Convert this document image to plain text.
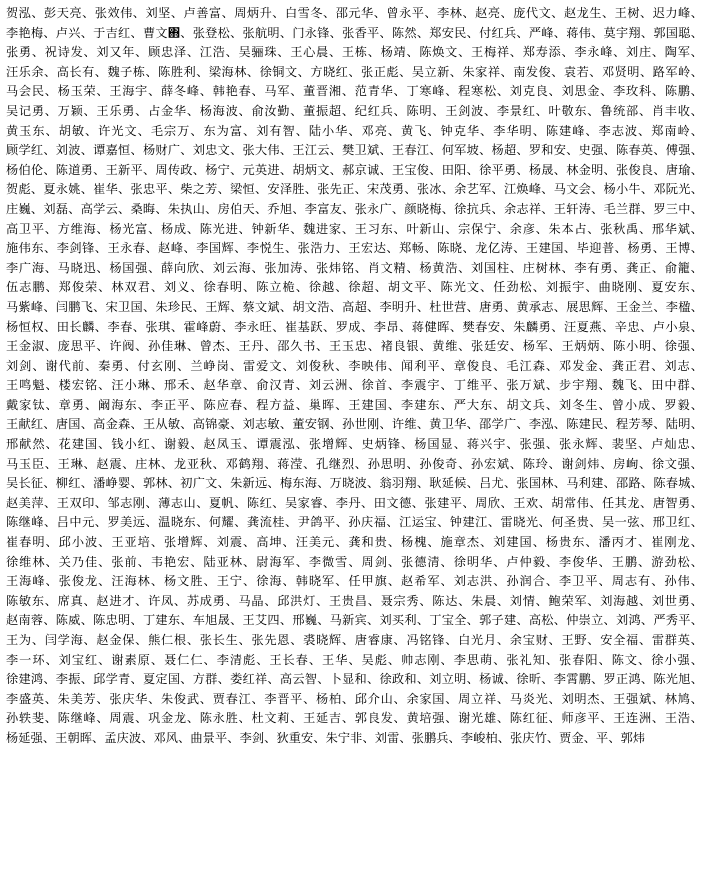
贺泓、彭天亮、张效伟、刘坚、卢善富、周炳升、白雪冬、邵元华、曾永平、李林、赵亮、庞代文、赵龙生、王树、迟力峰、李艳梅、卢兴、于吉红、曹文΋、张登松、张航明、门永锋、张香平、陈然、郑安民、付红兵、严峰、蒋伟、莫宇翔、郭国聪、张勇、祝诗发、刘又年、顾忠泽、江浩、吴骊珠、王心晨、王栋、杨靖、陈焕文、王梅祥、郑寿添、李永峰、刘庄、陶军、汪乐余、高长有、魏子栋、陈胜利、梁海林、徐铜文、方晓红、张正彪、吴立新、朱家祥、南发俊、袁若、邓贤明、路军岭、马会民、杨玉荣、王海宇、薛冬峰、韩艳春、马军、董晋湘、范青华、丁寒峰、程寒松、刘克良、刘思金、李玫科、陈鹏、吴记勇、万颖、王乐勇、占金华、杨海波、俞汝勤、董振超、纪红兵、陈明、王剑波、李景红、叶敬东、鲁统部、肖丰收、黄玉东、胡敏、许光文、毛宗万、东为富、刘有智、陆小华、邓亮、黄飞、钟克华、李华明、陈建峰、李志波、郑南岭、顾学红、刘波、谭嘉恒、杨财广、刘忠文、张大伟、王江云、樊卫斌、王春江、何军坡、杨超、罗和安、史强、陈春英、傅强、杨伯伦、陈道勇、王新平、周传政、杨宁、元英进、胡炳文、郝京诚、王宝俊、田阳、徐平勇、杨晟、林金明、张俊良、唐瑜、贺彪、夏永姚、崔华、张忠平、柴之芳、梁恒、安泽胜、张先正、宋茂勇、张冰、余艺军、江焕峰、马文会、杨小牛、邓阮光、庄巍、刘磊、高学云、桑晦、朱执山、房伯天、乔旭、李富友、张永广、颜晓梅、徐抗兵、余志祥、王轩涛、毛兰群、罗三中、高卫平、方维海、杨光富、杨成、陈光进、钟新华、魏进家、王习东、叶新山、宗保宁、余彦、朱本占、张秋禹、邢华斌、施伟东、李剑锋、王永春、赵峰、李国辉、李悦生、张浩力、王宏达、郑畅、陈晓、龙亿涛、王建国、毕迎普、杨勇、王博、李广海、马晓迅、杨国强、薛向欣、刘云海、张加涛、张炜铭、肖文精、杨黄浩、刘国柱、庄树林、李有勇、龚正、俞籠、伍志鹏、郑俊荣、林双君、刘义、徐春明、陈立桅、徐越、徐超、胡文平、陈光文、任劲松、刘振宇、曲晓刚、夏安东、马紫峰、闫鹏飞、宋卫国、朱珍民、王辉、蔡文斌、胡文浩、高超、李明升、杜世营、唐勇、黄承志、展思辉、王金兰、李楹、杨恒权、田长麟、李春、张琪、霍峰蔚、李永旺、崔基跃、罗成、李昂、蒋健晖、樊春安、朱麟勇、汪夏燕、辛忠、卢小泉、王金淑、庞思平、许阀、孙佳琳、曾杰、王丹、邵久书、王玉忠、褚良银、黄维、张廷安、杨军、王炳炳、陈小明、徐强、刘剑、谢代前、秦勇、付玄刚、兰峥岗、雷爱文、刘俊秋、李映伟、闻利平、章俊良、毛江森、邓发金、龚正君、刘志、王鸣魁、楼宏铭、汪小琳、邢禾、赵华章、俞汉青、刘云洲、徐首、李震宇、丁维平、张万斌、步宇翔、魏飞、田中群、戴家钛、章勇、阚海东、李正平、陈应春、程方益、巢晖、王建国、李建东、严大东、胡文兵、刘冬生、曾小成、罗毅、王献红、唐国、高金森、王从敏、高锦豪、刘志敏、董安钢、孙世刚、许维、黄卫华、邵学广、李泓、陈建民、程芳琴、陆明、邢献然、花建国、钱小红、谢毅、赵凤玉、谭震泓、张增辉、史炳锋、杨国显、蒋兴宇、张强、张永辉、裴坚、卢灿忠、马玉臣、王琳、赵震、庄林、龙亚秋、邓鹤翔、蒋滢、孔继烈、孙思明、孙俊奇、孙宏斌、陈玲、谢剑炜、房峋、徐文强、吴长征、柳红、潘峥婴、郭林、初广文、朱新远、梅东海、万晓波、翁羽翔、耿延候、吕尤、张国林、马利建、邵路、陈春城、赵美萍、王双印、邹志刚、薄志山、夏帆、陈红、吴家睿、李丹、田文德、张建平、周欣、王欢、胡常伟、任其龙、唐智勇、陈继峰、吕中元、罗美远、温晓东、何耀、龚流桂、尹鸽平、孙庆福、江运宝、钟建江、雷晓光、何圣贵、吴一弦、邢卫红、崔春明、邱小波、王亚培、张增辉、刘震、高坤、汪美元、龚和贵、杨槐、施章杰、刘建国、杨贵东、潘丙才、崔刚龙、徐维林、关乃佳、张前、韦艳宏、陆亚林、尉海军、李微雪、周剑、张德清、徐明华、卢仲毅、李俊华、王鹏、游劲松、王海峰、张俊龙、汪海林、杨文胜、王宁、徐海、韩晓军、任甲旗、赵希军、刘志洪、孙润合、李卫平、周志有、孙伟、陈敏东、席真、赵进才、许凤、苏成勇、马晶、邱洪灯、王贵昌、聂宗秀、陈达、朱晨、刘情、鲍荣军、刘海越、刘世勇、赵南蓉、陈威、陈忠明、丁建东、车旭晟、王艾四、邢巍、马新宾、刘买利、丁宝全、郭子建、高松、仲崇立、刘鸿、严秀平、王为、闫学海、赵金保、熊仁根、张长生、张先恩、裘晓辉、唐睿康、冯铭锋、白光月、余宝财、王野、安全福、雷群英、李一环、刘宝红、谢素原、聂仁仁、李清彪、王长春、王华、吴彪、帅志刚、李思萌、张礼知、张春阳、陈文、徐小强、徐建鸿、李振、邱学青、夏定国、方群、娄红祥、高云智、卜显和、徐政和、刘立明、杨诚、徐昕、李霄鹏、罗正鸿、陈光旭、李盛英、朱美芳、张庆华、朱俊武、贾春江、李晋平、杨柏、邱介山、余家国、周立祥、马炎光、刘明杰、王强斌、林鸠、孙轶斐、陈继峰、周震、巩金龙、陈永胜、杜文莉、王延吉、郭良发、黄培强、谢光雄、陈红征、师彦平、王连洲、王浩、杨延强、王朝晖、孟庆波、邓风、曲景平、李剑、狄重安、朱宁非、刘雷、张鹏兵、李峻柏、张庆竹、贾金、平、郭炜
